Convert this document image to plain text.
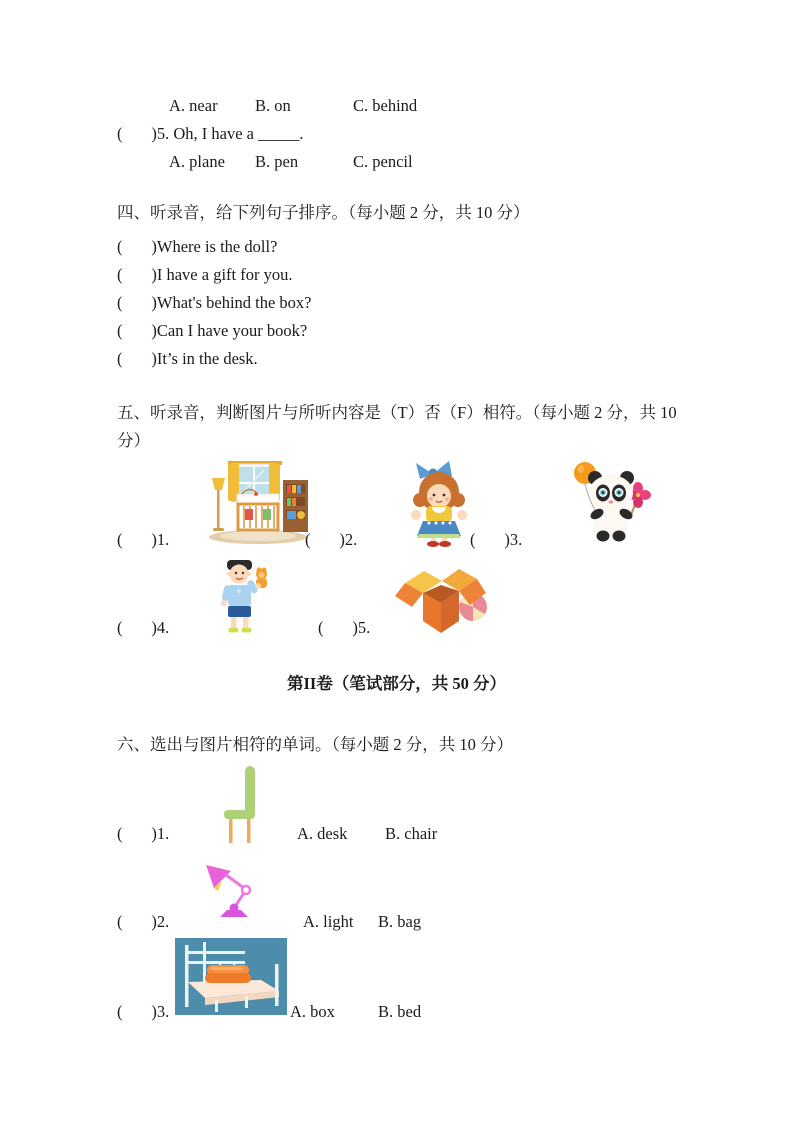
A. near B. on	C. behind
(       )5. Oh, I have a _____.
A. plane B. pen	C. pencil
四、听录音，给下列句子排序。（每小题 2 分，共 10 分）
(       )Where is the doll?
(       )I have a gift for you.
(       )What's behind the box?
(       )Can I have your book?
(       )It’s in the desk.
五、听录音，判断图片与所听内容是（T）否（F）相符。（每小题 2 分，共 10
分）
(       )1.	(       )2.	(       )3.
(       )4.	(       )5.
第II卷（笔试部分，共 50 分）
六、选出与图片相符的单词。（每小题 2 分，共 10 分）
(       )1.	A. desk B. chair
(       )2.	A. light B. bag
(       )3.	A. box	B. bed
